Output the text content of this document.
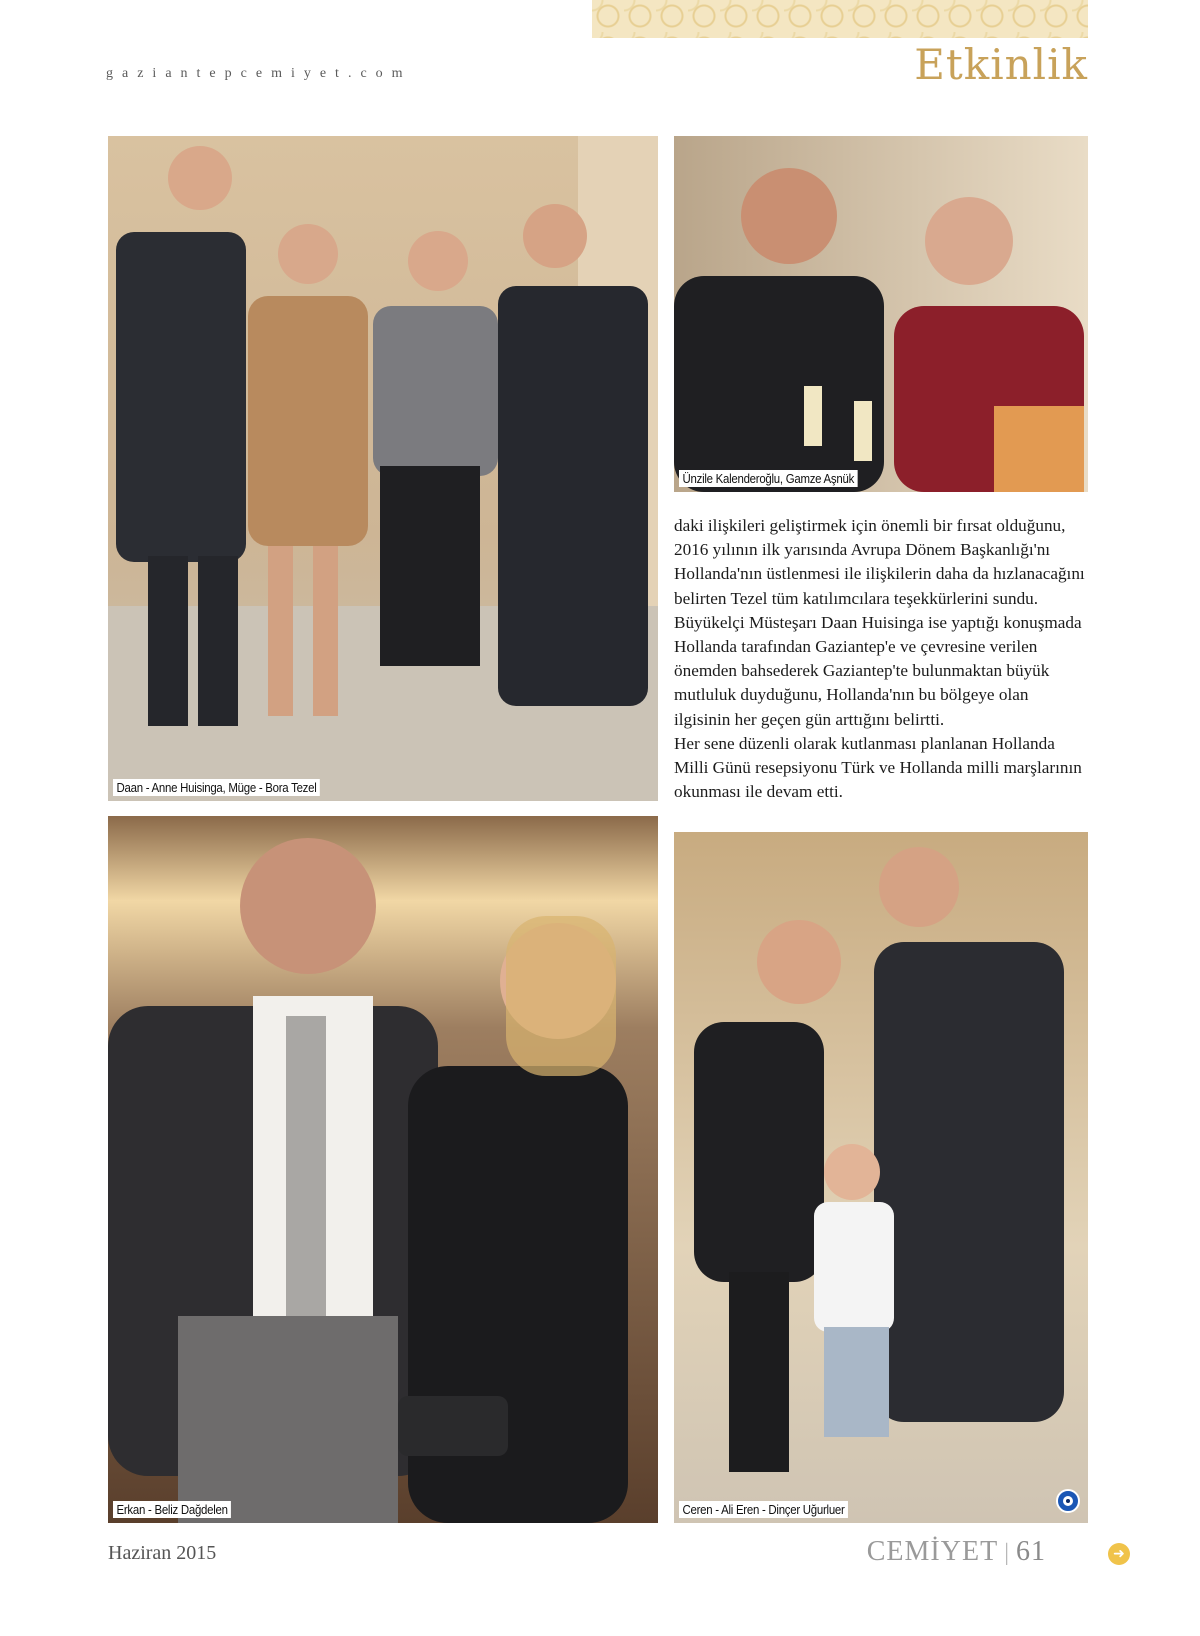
gaziantepcemiyet.com	Etkinlik
Daan - Anne Huisinga, Müge - Bora Tezel
Ünzile Kalenderoğlu, Gamze Aşnük

daki ilişkileri geliştirmek için önemli bir fırsat olduğunu, 2016 yılının ilk yarısında Avrupa Dönem Başkanlığı'nı Hollanda'nın üstlenmesi ile ilişkilerin daha da hızlanacağını belirten Tezel tüm katılımcılara teşekkürlerini sundu.

Büyükelçi Müsteşarı Daan Huisinga ise yaptığı konuşmada Hollanda tarafından Gaziantep'e ve çevresine verilen önemden bahsederek Gaziantep'te bulunmaktan büyük mutluluk duyduğunu, Hollanda'nın bu bölgeye olan ilgisinin her geçen gün arttığını belirtti.

Her sene düzenli olarak kutlanması planlanan Hollanda Milli Günü resepsiyonu Türk ve Hollanda milli marşlarının okunması ile devam etti.

Erkan - Beliz Dağdelen	Ceren - Ali Eren - Dinçer Uğurluer
Haziran 2015	CEMİYET | 61	➜
